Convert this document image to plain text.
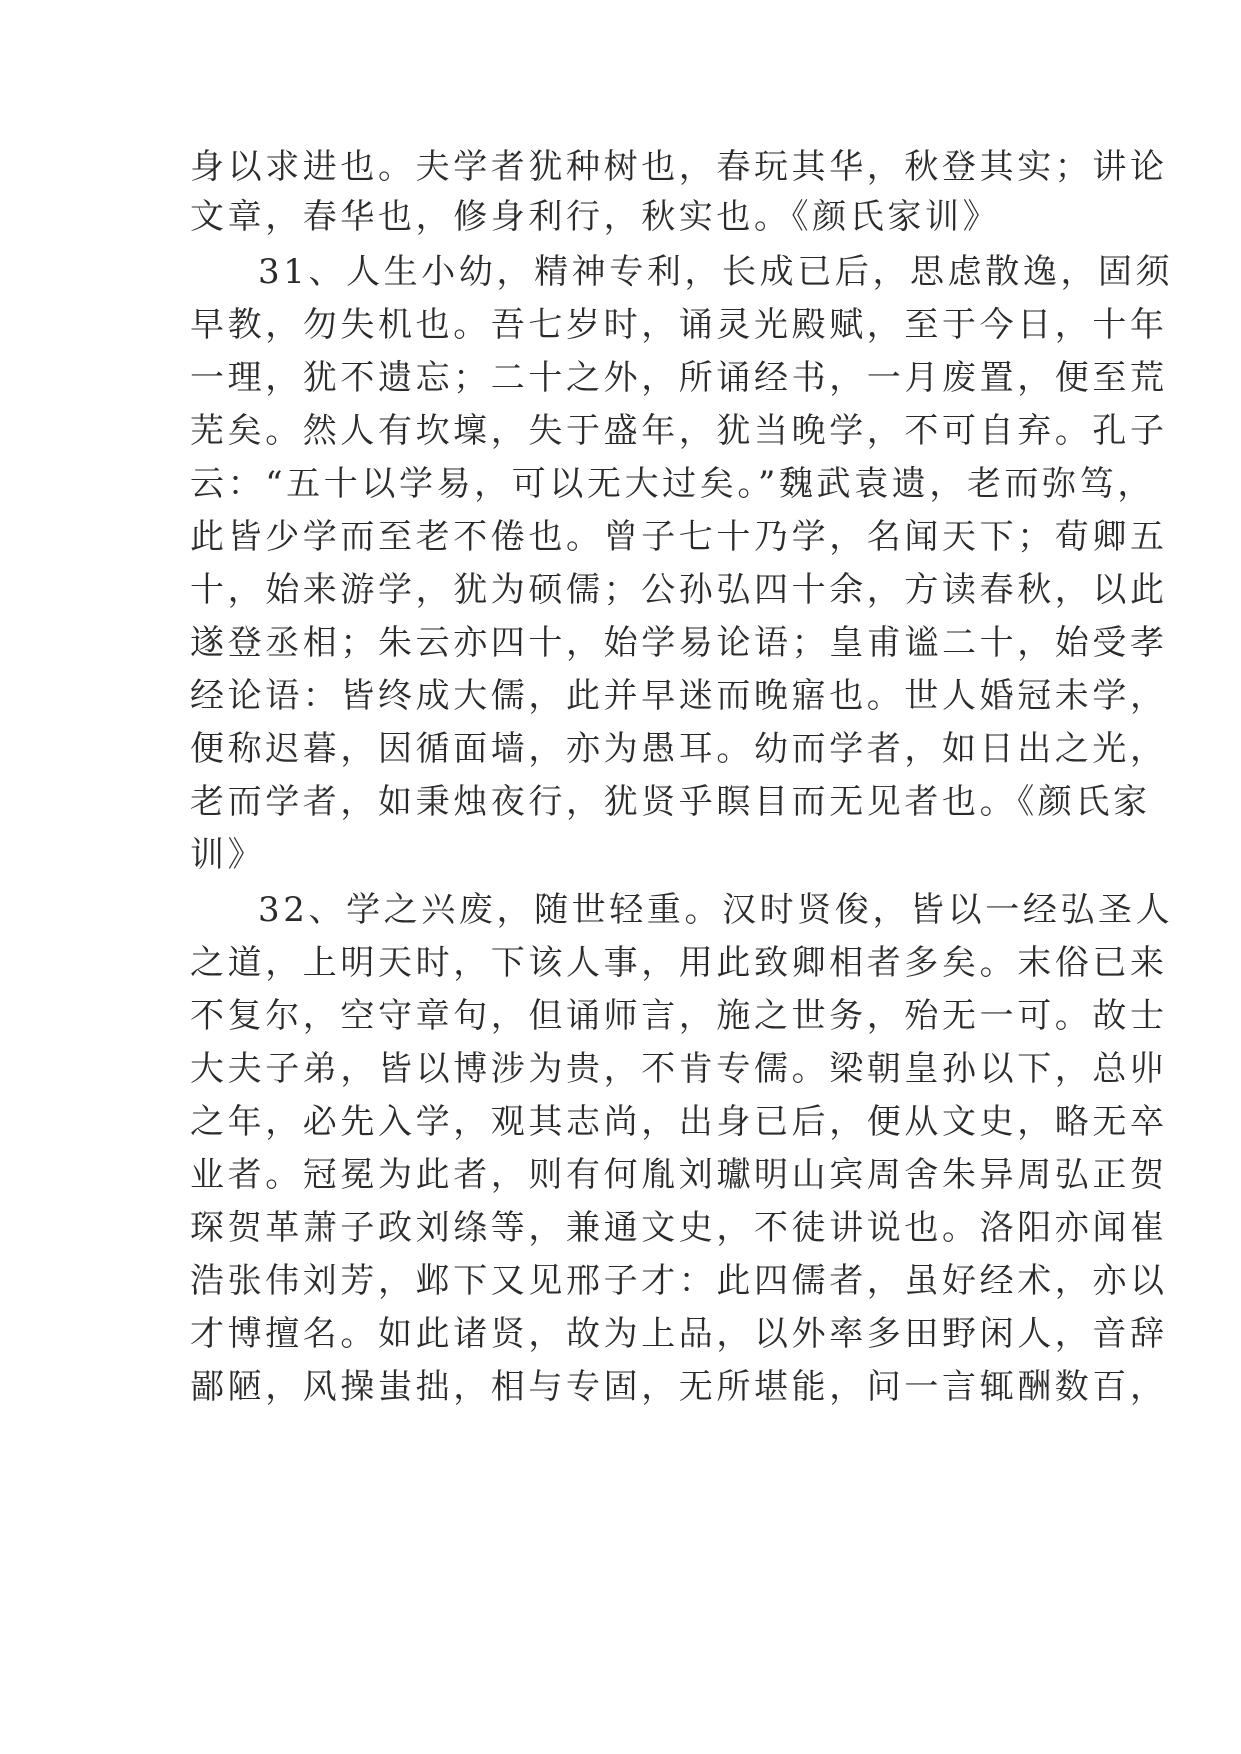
身以求进也。夫学者犹种树也，春玩其华，秋登其实；讲论
文章，春华也，修身利行，秋实也。《颜氏家训》
31、人生小幼，精神专利，长成已后，思虑散逸，固须
早教，勿失机也。吾七岁时，诵灵光殿赋，至于今日，十年
一理，犹不遗忘；二十之外，所诵经书，一月废置，便至荒
芜矣。然人有坎壈，失于盛年，犹当晚学，不可自弃。孔子
云：“五十以学易，可以无大过矣。”魏武袁遗，老而弥笃，
此皆少学而至老不倦也。曾子七十乃学，名闻天下；荀卿五
十，始来游学，犹为硕儒；公孙弘四十余，方读春秋，以此
遂登丞相；朱云亦四十，始学易论语；皇甫谧二十，始受孝
经论语：皆终成大儒，此并早迷而晚寤也。世人婚冠未学，
便称迟暮，因循面墙，亦为愚耳。幼而学者，如日出之光，
老而学者，如秉烛夜行，犹贤乎瞑目而无见者也。《颜氏家
训》
32、学之兴废，随世轻重。汉时贤俊，皆以一经弘圣人
之道，上明天时，下该人事，用此致卿相者多矣。末俗已来
不复尔，空守章句，但诵师言，施之世务，殆无一可。故士
大夫子弟，皆以博涉为贵，不肯专儒。梁朝皇孙以下，总丱
之年，必先入学，观其志尚，出身已后，便从文史，略无卒
业者。冠冕为此者，则有何胤刘瓛明山宾周舍朱异周弘正贺
琛贺革萧子政刘绦等，兼通文史，不徒讲说也。洛阳亦闻崔
浩张伟刘芳，邺下又见邢子才：此四儒者，虽好经术，亦以
才博擅名。如此诸贤，故为上品，以外率多田野闲人，音辞
鄙陋，风操蚩拙，相与专固，无所堪能，问一言辄酬数百，
